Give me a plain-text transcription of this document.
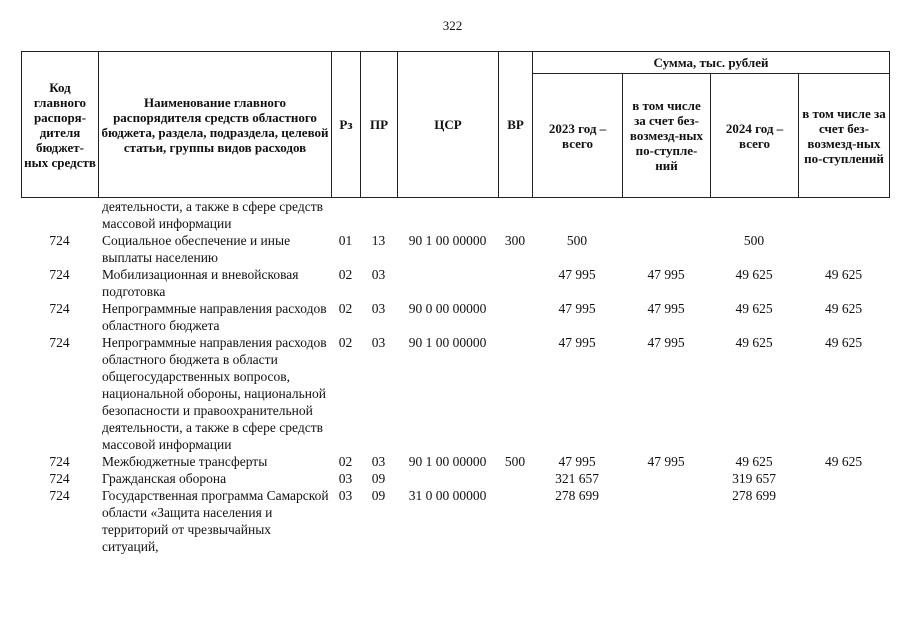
322
Код главного распоря-дителя бюджет-ных средств	Наименование главного распорядителя средств областного бюджета, раздела, подраздела, целевой статьи, группы видов расходов	Рз	ПР	ЦСР	ВР	Сумма, тыс. рублей			
						2023 год – всего	в том числе за счет без-возмезд-ных по-ступле-ний	2024 год – всего	в том числе за счет без-возмезд-ных по-ступлений
	деятельности, а также в сфере средств массовой информации								
724	Социальное обеспечение и иные выплаты населению	01	13	90 1 00 00000	300	500		500	
724	Мобилизационная и вневойсковая подготовка	02	03			47 995	47 995	49 625	49 625
724	Непрограммные направления расходов областного бюджета	02	03	90 0 00 00000		47 995	47 995	49 625	49 625
724	Непрограммные направления расходов областного бюджета в области общегосударственных вопросов, национальной обороны, национальной безопасности и правоохранительной деятельности, а также в сфере средств массовой информации	02	03	90 1 00 00000		47 995	47 995	49 625	49 625
724	Межбюджетные трансферты	02	03	90 1 00 00000	500	47 995	47 995	49 625	49 625
724	Гражданская оборона	03	09			321 657		319 657	
724	Государственная программа Самарской области «Защита населения и территорий от чрезвычайных ситуаций,	03	09	31 0 00 00000		278 699		278 699	
